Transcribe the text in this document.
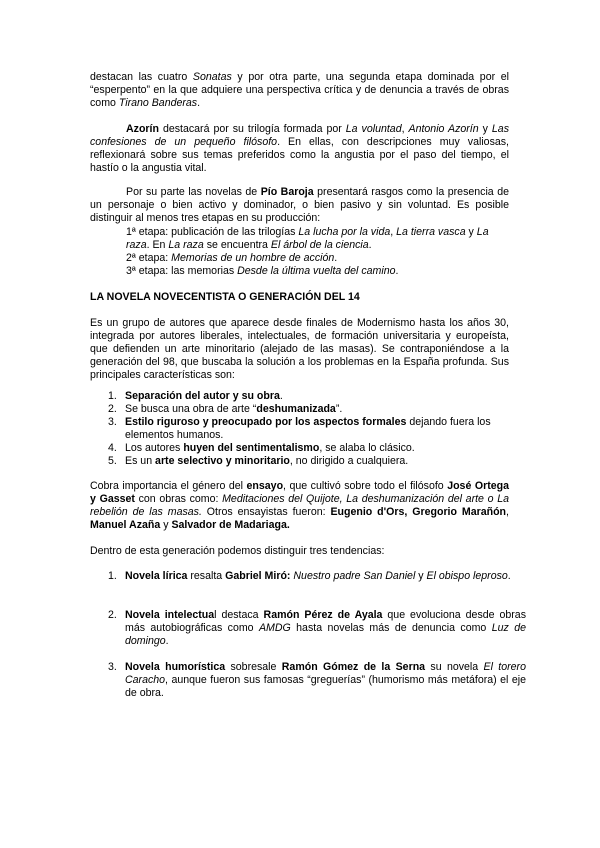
destacan las cuatro Sonatas y por otra parte, una segunda etapa dominada por el “esperpento” en la que adquiere una perspectiva crítica y de denuncia a través de obras como Tirano Banderas.

Azorín destacará por su trilogía formada por La voluntad, Antonio Azorín y Las confesiones de un pequeño filósofo. En ellas, con descripciones muy valiosas, reflexionará sobre sus temas preferidos como la angustia por el paso del tiempo, el hastío o la angustia vital.

Por su parte las novelas de Pío Baroja presentará rasgos como la presencia de un personaje o bien activo y dominador, o bien pasivo y sin voluntad. Es posible distinguir al menos tres etapas en su producción:

1ª etapa: publicación de las trilogías La lucha por la vida, La tierra vasca y La raza. En La raza se encuentra El árbol de la ciencia.

2ª etapa: Memorias de un hombre de acción.

3ª etapa: las memorias Desde la última vuelta del camino.

LA NOVELA NOVECENTISTA O GENERACIÓN DEL 14

Es un grupo de autores que aparece desde finales de Modernismo hasta los años 30, integrada por autores liberales, intelectuales, de formación universitaria y europeísta, que defienden un arte minoritario (alejado de las masas). Se contraponiéndose a la generación del 98, que buscaba la solución a los problemas en la España profunda. Sus principales características son:

1. Separación del autor y su obra.
2. Se busca una obra de arte “deshumanizada”.
3. Estilo riguroso y preocupado por los aspectos formales dejando fuera los elementos humanos.
4. Los autores huyen del sentimentalismo, se alaba lo clásico.
5. Es un arte selectivo y minoritario, no dirigido a cualquiera.

Cobra importancia el género del ensayo, que cultivó sobre todo el filósofo José Ortega y Gasset con obras como: Meditaciones del Quijote, La deshumanización del arte o La rebelión de las masas. Otros ensayistas fueron: Eugenio d'Ors, Gregorio Marañón, Manuel Azaña y Salvador de Madariaga.

Dentro de esta generación podemos distinguir tres tendencias:

1. Novela lírica resalta Gabriel Miró: Nuestro padre San Daniel y El obispo leproso.
2. Novela intelectual destaca Ramón Pérez de Ayala que evoluciona desde obras más autobiográficas como AMDG hasta novelas más de denuncia como Luz de domingo.
3. Novela humorística sobresale Ramón Gómez de la Serna su novela El torero Caracho, aunque fueron sus famosas “greguerías” (humorismo más metáfora) el eje de obra.
